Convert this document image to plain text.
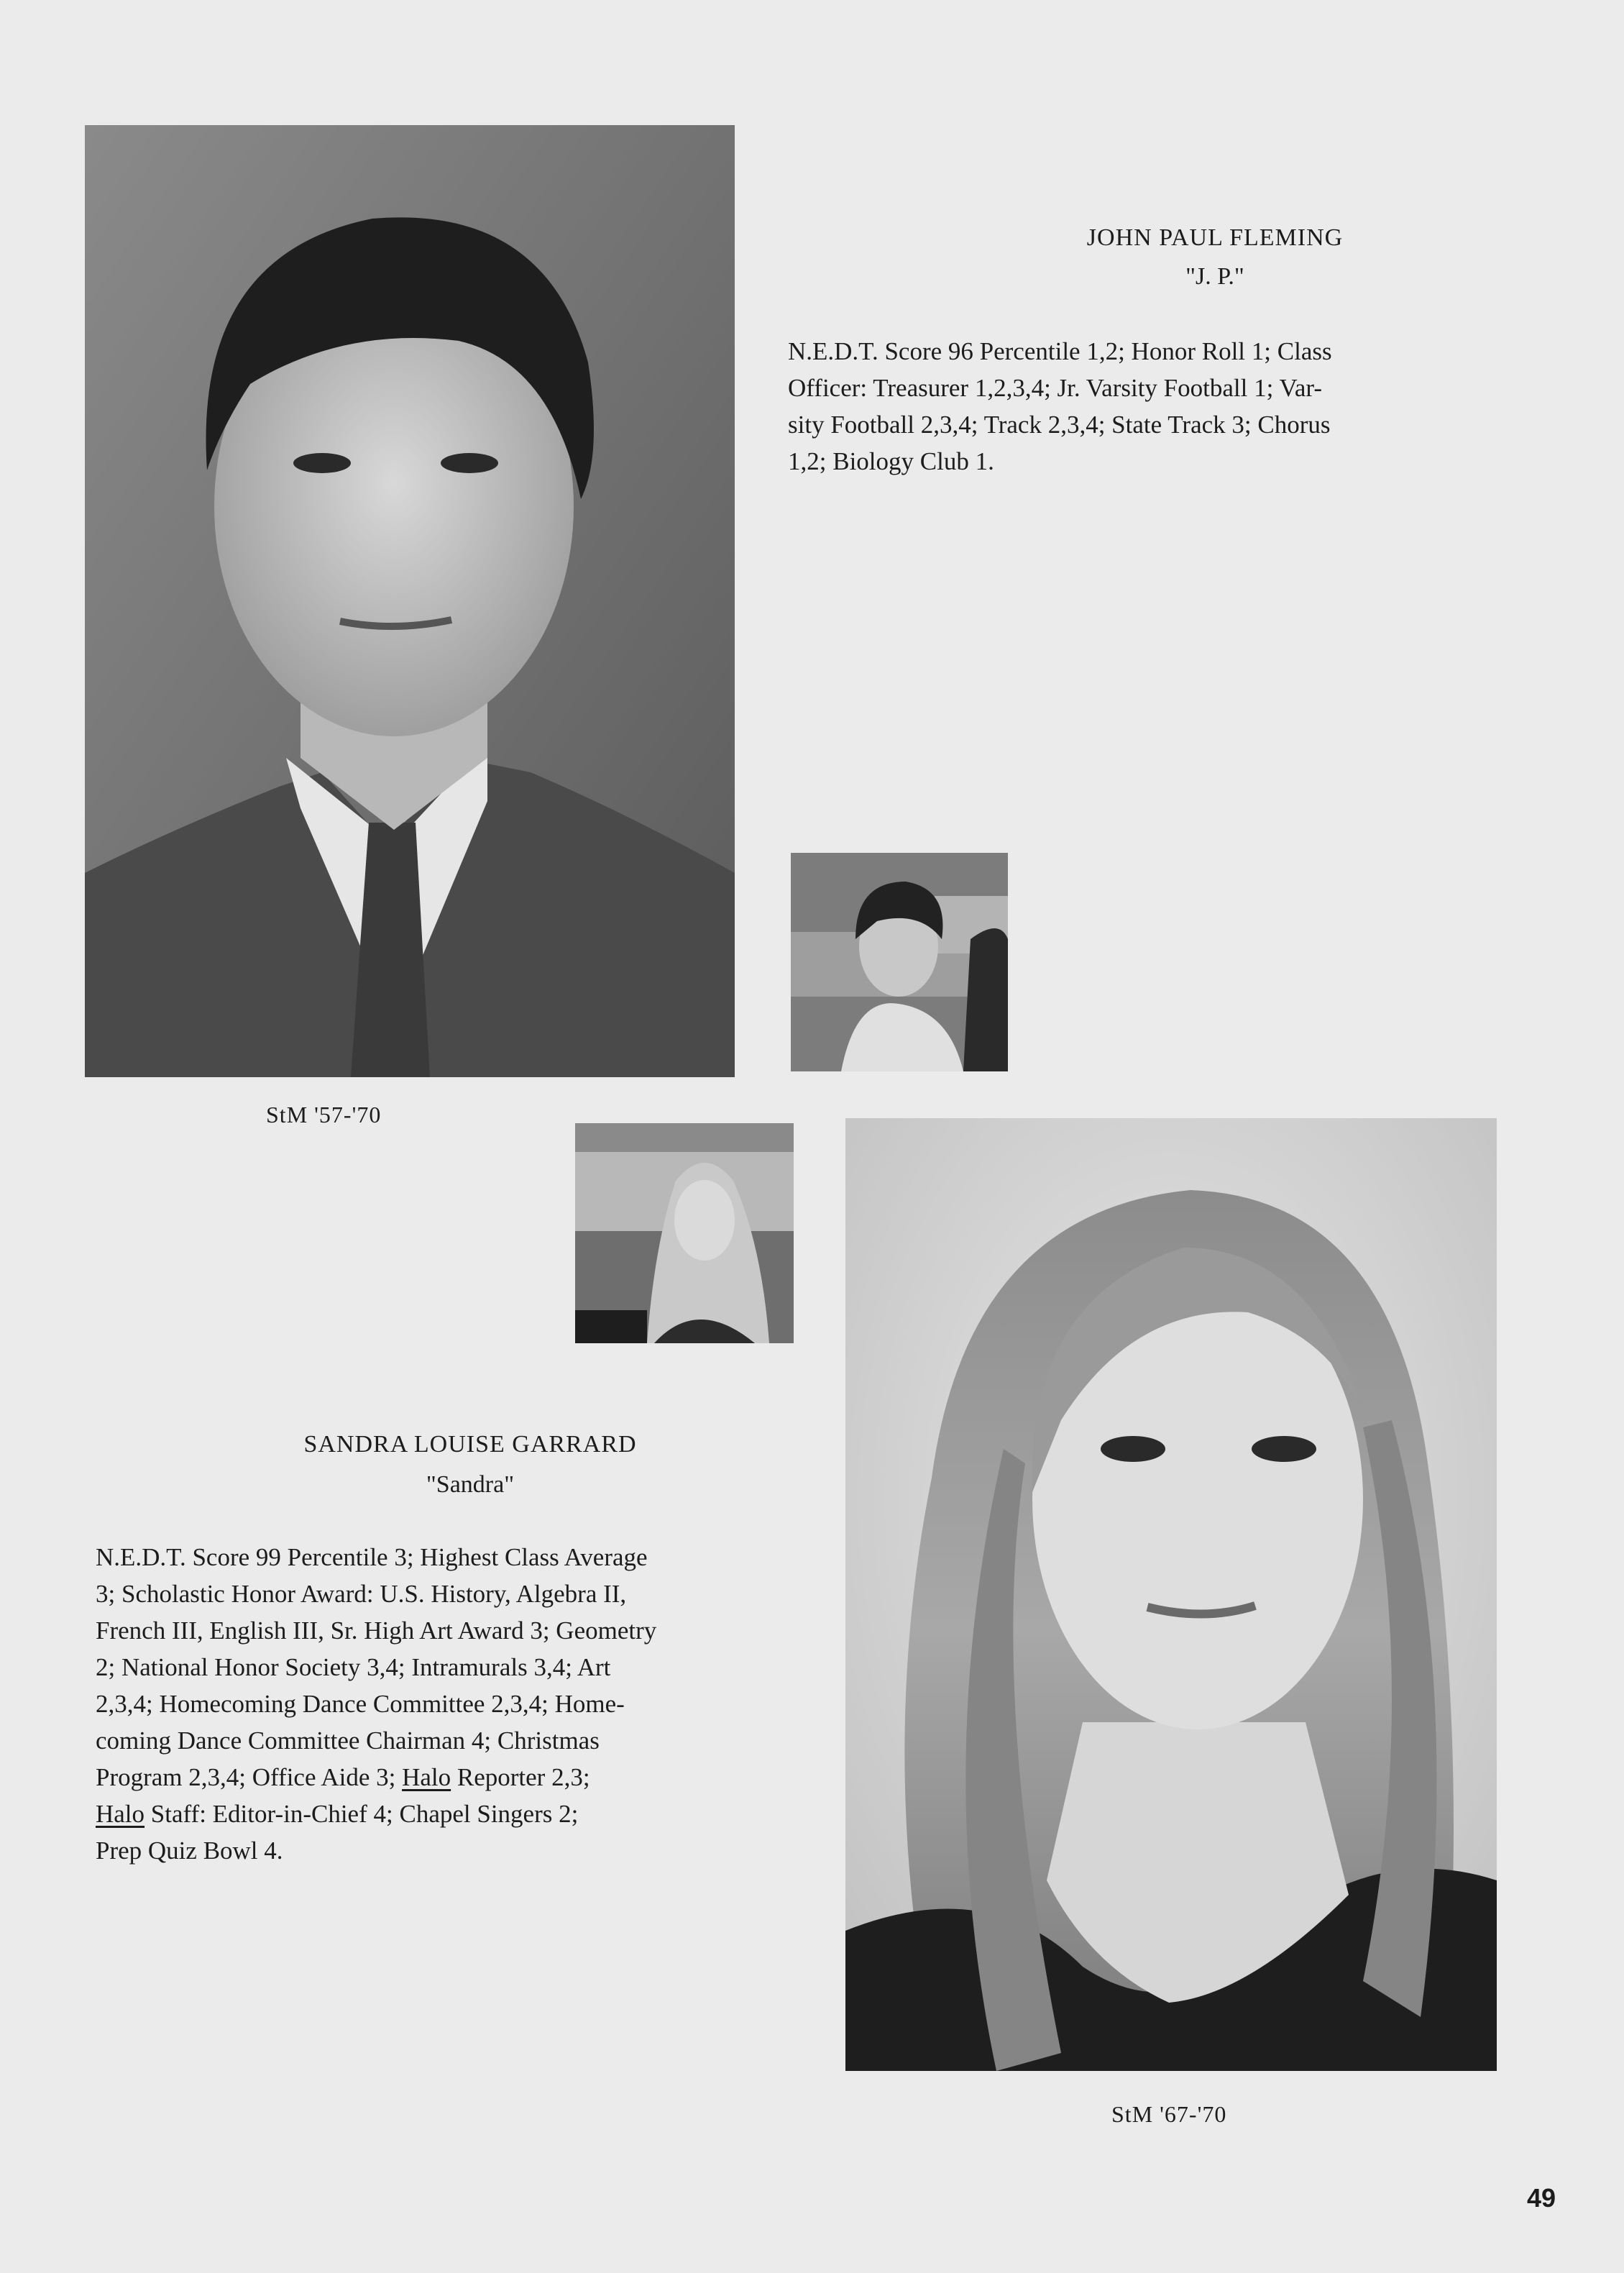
JOHN PAUL FLEMING
"J. P."
N.E.D.T. Score 96 Percentile 1,2; Honor Roll 1; Class
Officer: Treasurer 1,2,3,4; Jr. Varsity Football 1; Var-
sity Football 2,3,4; Track 2,3,4; State Track 3; Chorus
1,2; Biology Club 1.
StM '57-'70
SANDRA LOUISE GARRARD
"Sandra"
N.E.D.T. Score 99 Percentile 3; Highest Class Average
3; Scholastic Honor Award: U.S. History, Algebra II,
French III, English III, Sr. High Art Award 3; Geometry
2; National Honor Society 3,4; Intramurals 3,4; Art
2,3,4; Homecoming Dance Committee 2,3,4; Home-
coming Dance Committee Chairman 4; Christmas
Program 2,3,4; Office Aide 3; Halo Reporter 2,3;
Halo Staff: Editor-in-Chief 4; Chapel Singers 2;
Prep Quiz Bowl 4.
StM '67-'70
49
